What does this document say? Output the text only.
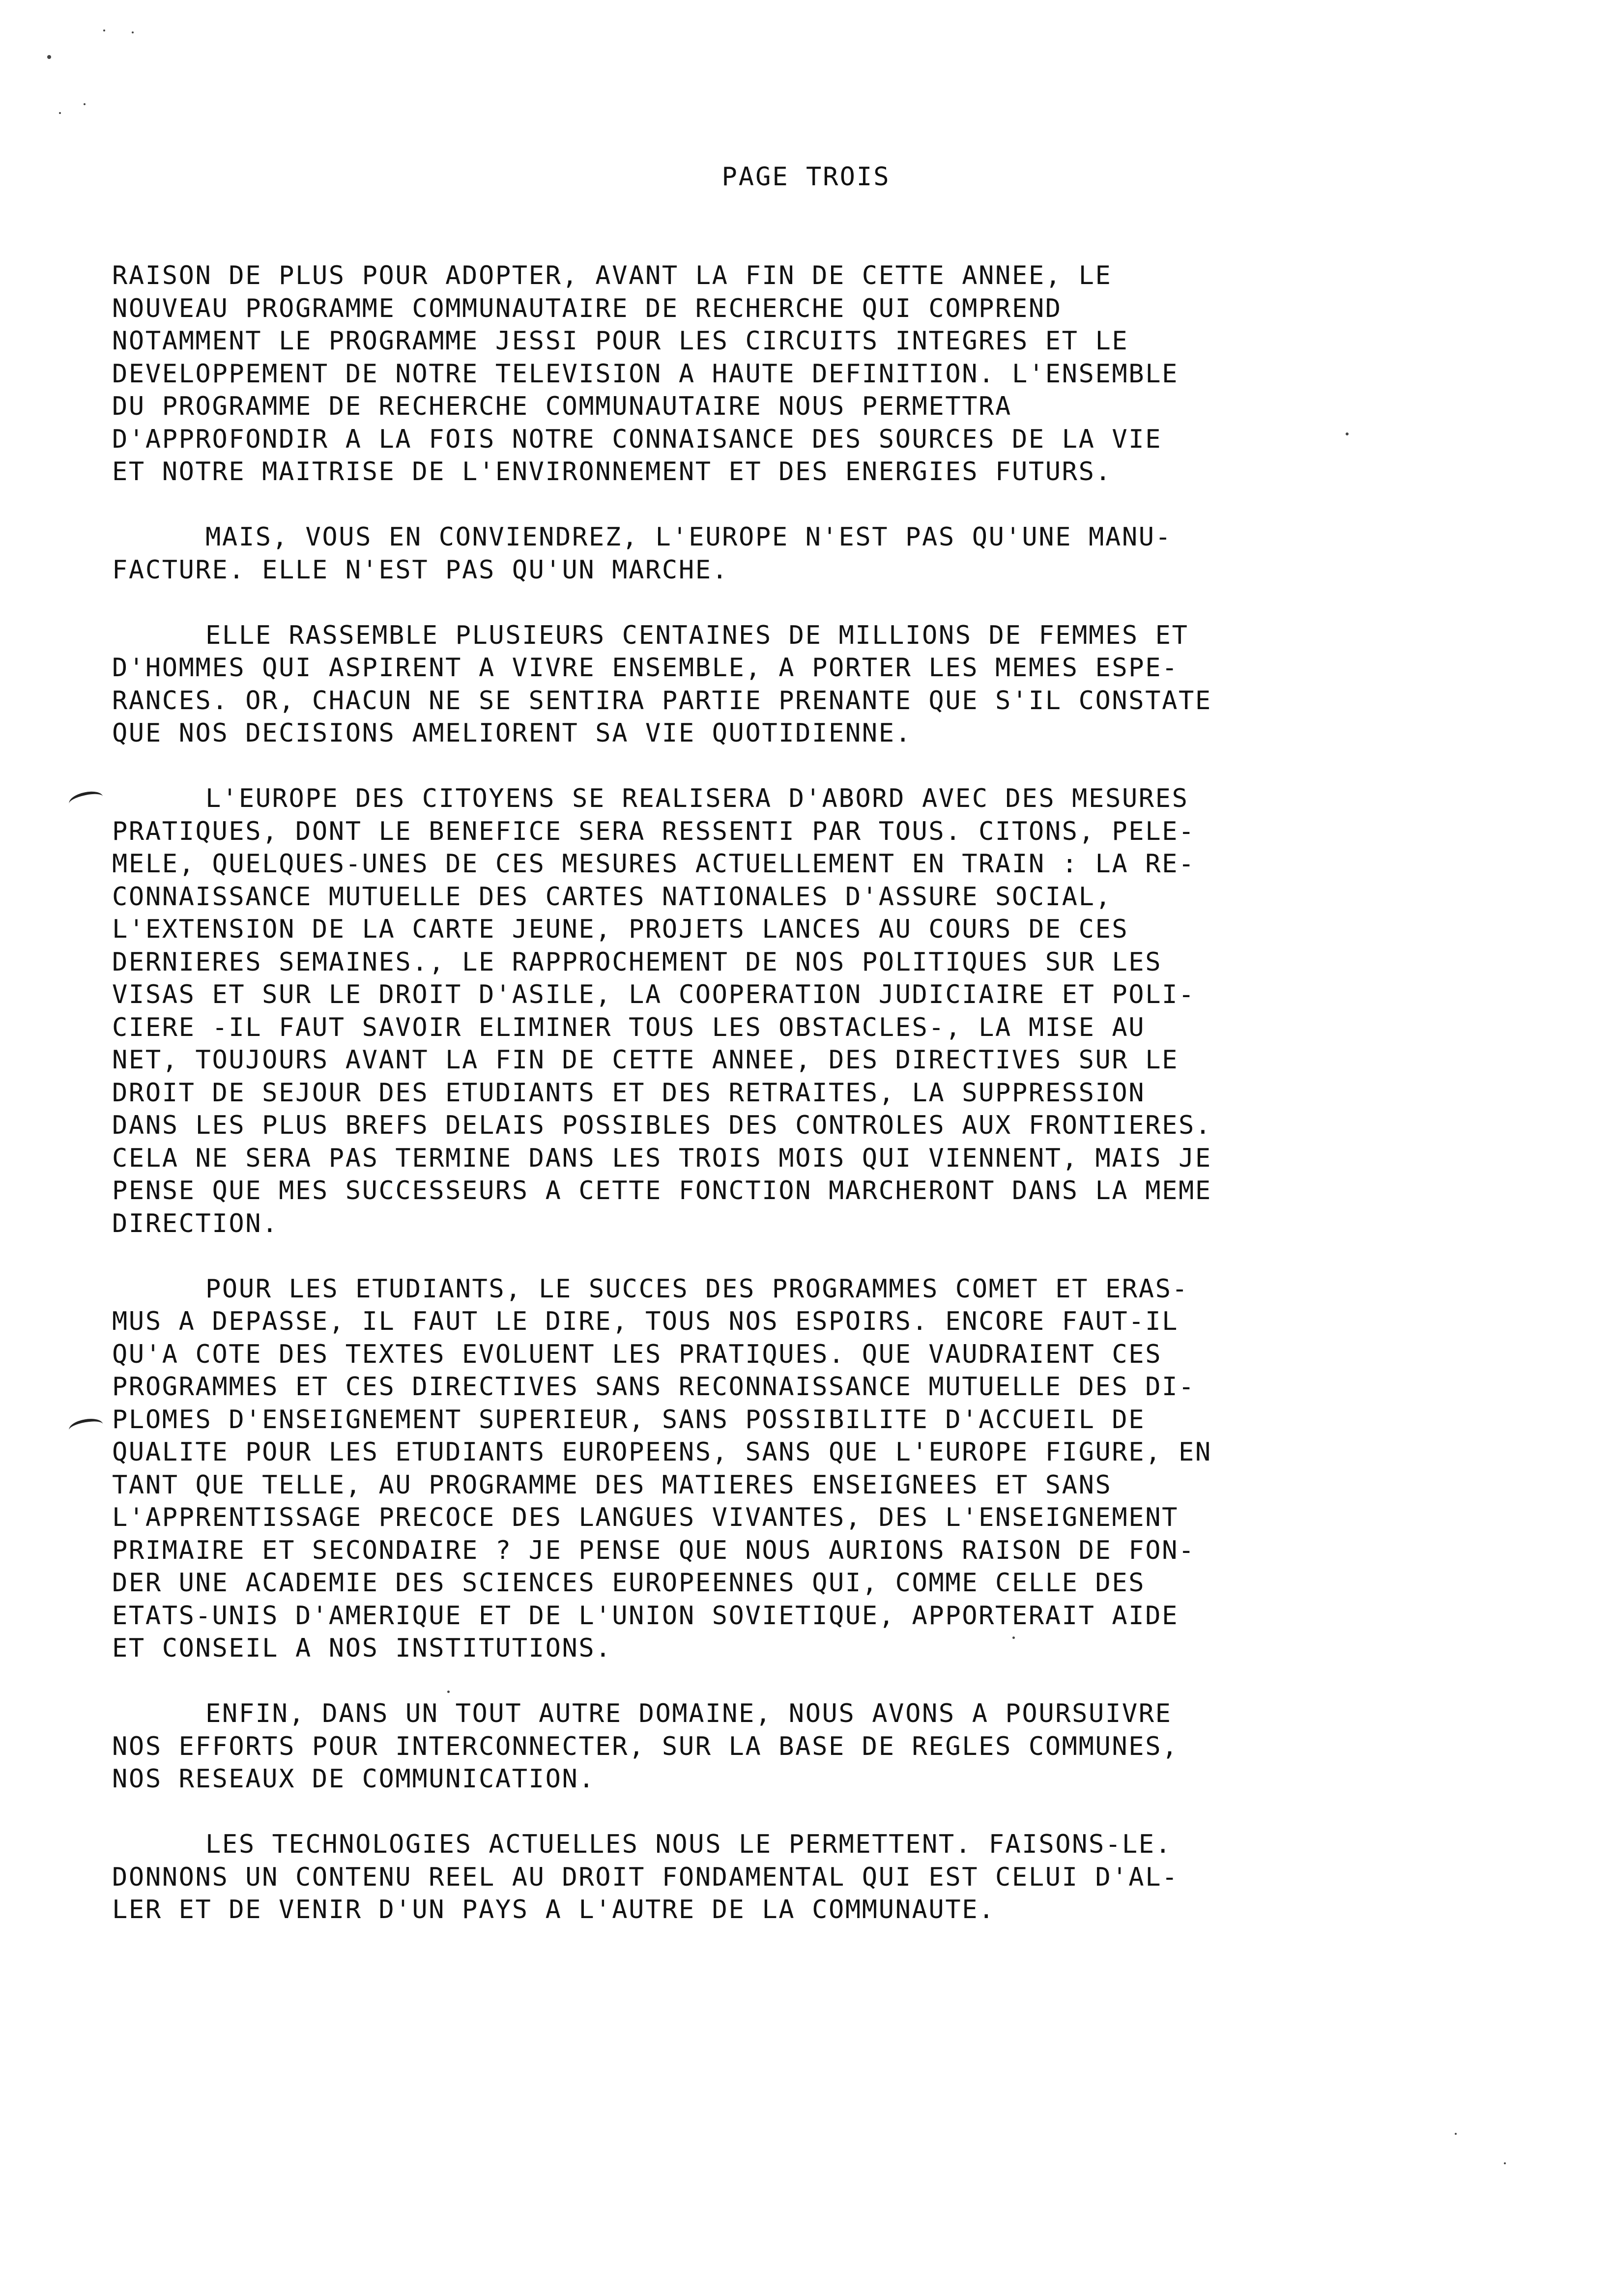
PAGE TROIS
RAISON DE PLUS POUR ADOPTER, AVANT LA FIN DE CETTE ANNEE, LE
NOUVEAU PROGRAMME COMMUNAUTAIRE DE RECHERCHE QUI COMPREND
NOTAMMENT LE PROGRAMME JESSI POUR LES CIRCUITS INTEGRES ET LE
DEVELOPPEMENT DE NOTRE TELEVISION A HAUTE DEFINITION. L'ENSEMBLE
DU PROGRAMME DE RECHERCHE COMMUNAUTAIRE NOUS PERMETTRA
D'APPROFONDIR A LA FOIS NOTRE CONNAISANCE DES SOURCES DE LA VIE
ET NOTRE MAITRISE DE L'ENVIRONNEMENT ET DES ENERGIES FUTURS.
MAIS, VOUS EN CONVIENDREZ, L'EUROPE N'EST PAS QU'UNE MANU-
FACTURE. ELLE N'EST PAS QU'UN MARCHE.
ELLE RASSEMBLE PLUSIEURS CENTAINES DE MILLIONS DE FEMMES ET
D'HOMMES QUI ASPIRENT A VIVRE ENSEMBLE, A PORTER LES MEMES ESPE-
RANCES. OR, CHACUN NE SE SENTIRA PARTIE PRENANTE QUE S'IL CONSTATE
QUE NOS DECISIONS AMELIORENT SA VIE QUOTIDIENNE.
L'EUROPE DES CITOYENS SE REALISERA D'ABORD AVEC DES MESURES
PRATIQUES, DONT LE BENEFICE SERA RESSENTI PAR TOUS. CITONS, PELE-
MELE, QUELQUES-UNES DE CES MESURES ACTUELLEMENT EN TRAIN : LA RE-
CONNAISSANCE MUTUELLE DES CARTES NATIONALES D'ASSURE SOCIAL,
L'EXTENSION DE LA CARTE JEUNE, PROJETS LANCES AU COURS DE CES
DERNIERES SEMAINES., LE RAPPROCHEMENT DE NOS POLITIQUES SUR LES
VISAS ET SUR LE DROIT D'ASILE, LA COOPERATION JUDICIAIRE ET POLI-
CIERE -IL FAUT SAVOIR ELIMINER TOUS LES OBSTACLES-, LA MISE AU
NET, TOUJOURS AVANT LA FIN DE CETTE ANNEE, DES DIRECTIVES SUR LE
DROIT DE SEJOUR DES ETUDIANTS ET DES RETRAITES, LA SUPPRESSION
DANS LES PLUS BREFS DELAIS POSSIBLES DES CONTROLES AUX FRONTIERES.
CELA NE SERA PAS TERMINE DANS LES TROIS MOIS QUI VIENNENT, MAIS JE
PENSE QUE MES SUCCESSEURS A CETTE FONCTION MARCHERONT DANS LA MEME
DIRECTION.
POUR LES ETUDIANTS, LE SUCCES DES PROGRAMMES COMET ET ERAS-
MUS A DEPASSE, IL FAUT LE DIRE, TOUS NOS ESPOIRS. ENCORE FAUT-IL
QU'A COTE DES TEXTES EVOLUENT LES PRATIQUES. QUE VAUDRAIENT CES
PROGRAMMES ET CES DIRECTIVES SANS RECONNAISSANCE MUTUELLE DES DI-
PLOMES D'ENSEIGNEMENT SUPERIEUR, SANS POSSIBILITE D'ACCUEIL DE
QUALITE POUR LES ETUDIANTS EUROPEENS, SANS QUE L'EUROPE FIGURE, EN
TANT QUE TELLE, AU PROGRAMME DES MATIERES ENSEIGNEES ET SANS
L'APPRENTISSAGE PRECOCE DES LANGUES VIVANTES, DES L'ENSEIGNEMENT
PRIMAIRE ET SECONDAIRE ? JE PENSE QUE NOUS AURIONS RAISON DE FON-
DER UNE ACADEMIE DES SCIENCES EUROPEENNES QUI, COMME CELLE DES
ETATS-UNIS D'AMERIQUE ET DE L'UNION SOVIETIQUE, APPORTERAIT AIDE
ET CONSEIL A NOS INSTITUTIONS.
ENFIN, DANS UN TOUT AUTRE DOMAINE, NOUS AVONS A POURSUIVRE
NOS EFFORTS POUR INTERCONNECTER, SUR LA BASE DE REGLES COMMUNES,
NOS RESEAUX DE COMMUNICATION.
LES TECHNOLOGIES ACTUELLES NOUS LE PERMETTENT. FAISONS-LE.
DONNONS UN CONTENU REEL AU DROIT FONDAMENTAL QUI EST CELUI D'AL-
LER ET DE VENIR D'UN PAYS A L'AUTRE DE LA COMMUNAUTE.
